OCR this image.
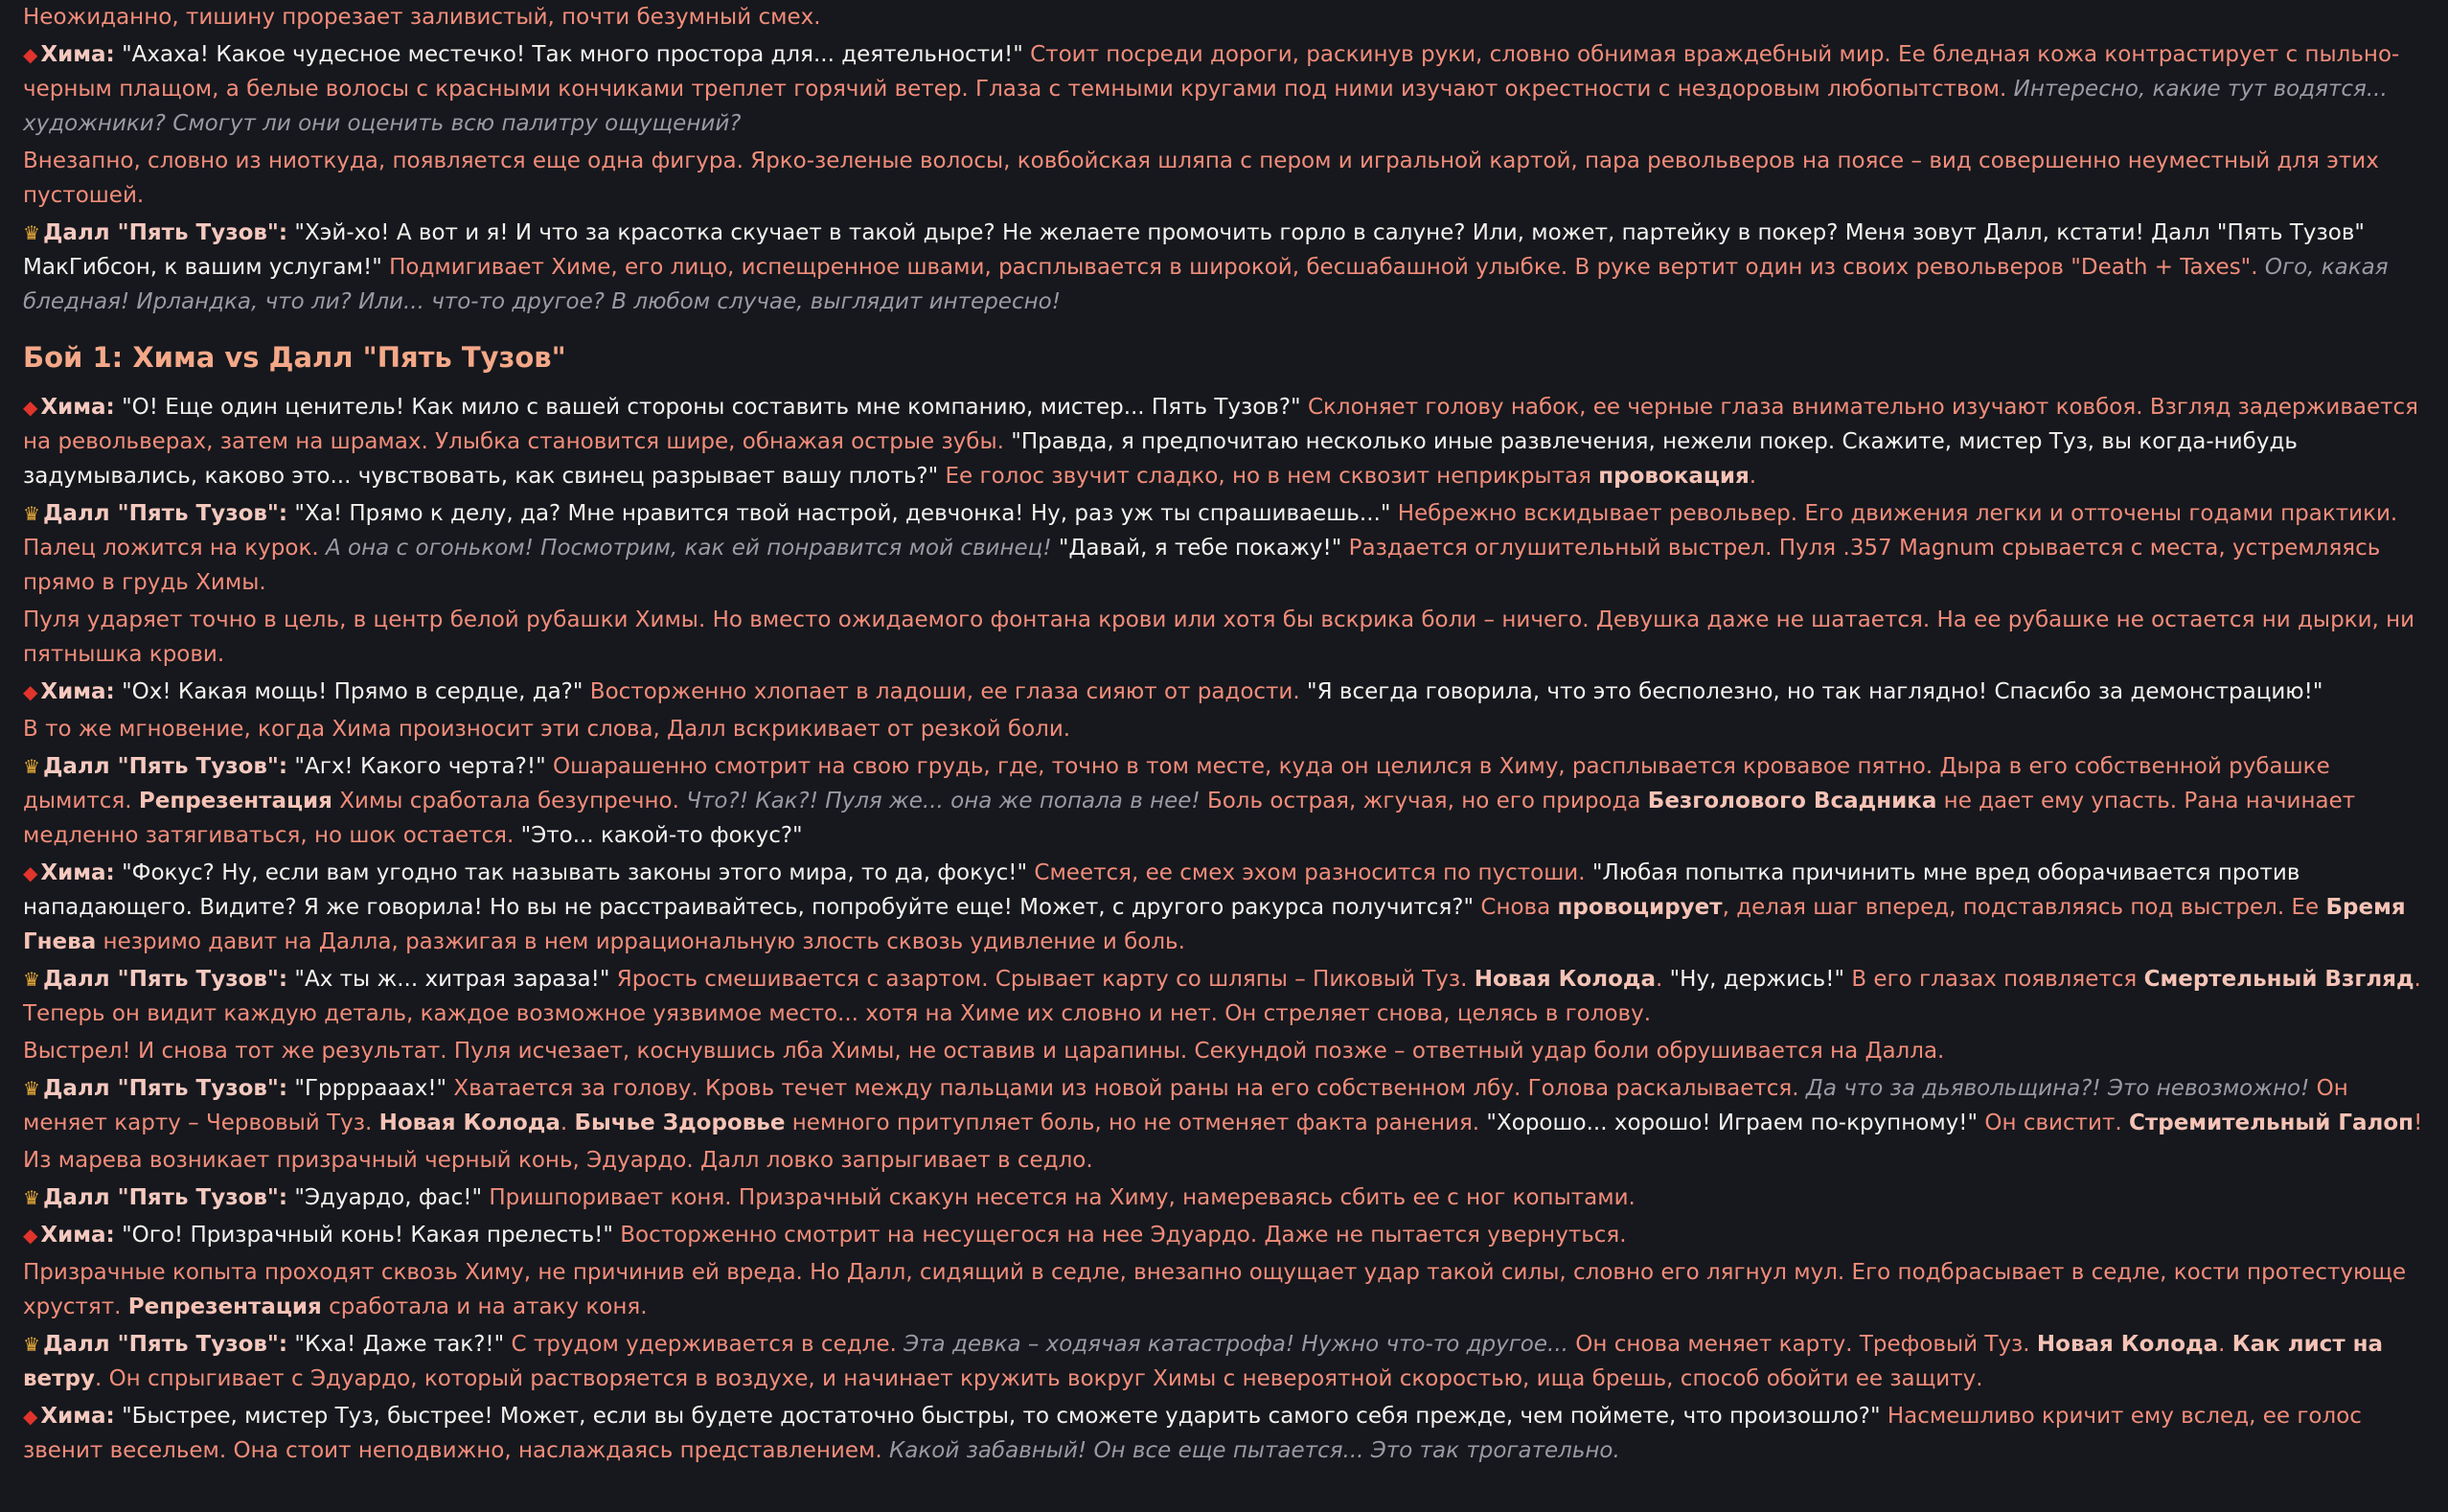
Неожиданно, тишину прорезает заливистый, почти безумный смех.
◆ Хима: "Ахаха! Какое чудесное местечко! Так много простора для... деятельности!" Стоит посреди дороги, раскинув руки, словно обнимая враждебный мир. Ее бледная кожа контрастирует с пыльно-черным плащом, а белые волосы с красными кончиками треплет горячий ветер. Глаза с темными кругами под ними изучают окрестности с нездоровым любопытством. Интересно, какие тут водятся... художники? Смогут ли они оценить всю палитру ощущений?
Внезапно, словно из ниоткуда, появляется еще одна фигура. Ярко-зеленые волосы, ковбойская шляпа с пером и игральной картой, пара револьверов на поясе – вид совершенно неуместный для этих пустошей.
♛ Далл "Пять Тузов": "Хэй-хо! А вот и я! И что за красотка скучает в такой дыре? Не желаете промочить горло в салуне? Или, может, партейку в покер? Меня зовут Далл, кстати! Далл "Пять Тузов" МакГибсон, к вашим услугам!" Подмигивает Химе, его лицо, испещренное швами, расплывается в широкой, бесшабашной улыбке. В руке вертит один из своих револьверов "Death + Taxes". Ого, какая бледная! Ирландка, что ли? Или... что-то другое? В любом случае, выглядит интересно!
Бой 1: Хима vs Далл "Пять Тузов"
◆ Хима: "О! Еще один ценитель! Как мило с вашей стороны составить мне компанию, мистер... Пять Тузов?" Склоняет голову набок, ее черные глаза внимательно изучают ковбоя. Взгляд задерживается на револьверах, затем на шрамах. Улыбка становится шире, обнажая острые зубы. "Правда, я предпочитаю несколько иные развлечения, нежели покер. Скажите, мистер Туз, вы когда-нибудь задумывались, каково это... чувствовать, как свинец разрывает вашу плоть?" Ее голос звучит сладко, но в нем сквозит неприкрытая провокация.
♛ Далл "Пять Тузов": "Ха! Прямо к делу, да? Мне нравится твой настрой, девчонка! Ну, раз уж ты спрашиваешь..." Небрежно вскидывает револьвер. Его движения легки и отточены годами практики. Палец ложится на курок. А она с огоньком! Посмотрим, как ей понравится мой свинец! "Давай, я тебе покажу!" Раздается оглушительный выстрел. Пуля .357 Magnum срывается с места, устремляясь прямо в грудь Химы.
Пуля ударяет точно в цель, в центр белой рубашки Химы. Но вместо ожидаемого фонтана крови или хотя бы вскрика боли – ничего. Девушка даже не шатается. На ее рубашке не остается ни дырки, ни пятнышка крови.
◆ Хима: "Ох! Какая мощь! Прямо в сердце, да?" Восторженно хлопает в ладоши, ее глаза сияют от радости. "Я всегда говорила, что это бесполезно, но так наглядно! Спасибо за демонстрацию!"
В то же мгновение, когда Хима произносит эти слова, Далл вскрикивает от резкой боли.
♛ Далл "Пять Тузов": "Агх! Какого черта?!" Ошарашенно смотрит на свою грудь, где, точно в том месте, куда он целился в Химу, расплывается кровавое пятно. Дыра в его собственной рубашке дымится. Репрезентация Химы сработала безупречно. Что?! Как?! Пуля же... она же попала в нее! Боль острая, жгучая, но его природа Безголового Всадника не дает ему упасть. Рана начинает медленно затягиваться, но шок остается. "Это... какой-то фокус?"
◆ Хима: "Фокус? Ну, если вам угодно так называть законы этого мира, то да, фокус!" Смеется, ее смех эхом разносится по пустоши. "Любая попытка причинить мне вред оборачивается против нападающего. Видите? Я же говорила! Но вы не расстраивайтесь, попробуйте еще! Может, с другого ракурса получится?" Снова провоцирует, делая шаг вперед, подставляясь под выстрел. Ее Бремя Гнева незримо давит на Далла, разжигая в нем иррациональную злость сквозь удивление и боль.
♛ Далл "Пять Тузов": "Ах ты ж... хитрая зараза!" Ярость смешивается с азартом. Срывает карту со шляпы – Пиковый Туз. Новая Колода. "Ну, держись!" В его глазах появляется Смертельный Взгляд. Теперь он видит каждую деталь, каждое возможное уязвимое место... хотя на Химе их словно и нет. Он стреляет снова, целясь в голову.
Выстрел! И снова тот же результат. Пуля исчезает, коснувшись лба Химы, не оставив и царапины. Секундой позже – ответный удар боли обрушивается на Далла.
♛ Далл "Пять Тузов": "Гррррааах!" Хватается за голову. Кровь течет между пальцами из новой раны на его собственном лбу. Голова раскалывается. Да что за дьявольщина?! Это невозможно! Он меняет карту – Червовый Туз. Новая Колода. Бычье Здоровье немного притупляет боль, но не отменяет факта ранения. "Хорошо... хорошо! Играем по-крупному!" Он свистит. Стремительный Галоп!
Из марева возникает призрачный черный конь, Эдуардо. Далл ловко запрыгивает в седло.
♛ Далл "Пять Тузов": "Эдуардо, фас!" Пришпоривает коня. Призрачный скакун несется на Химу, намереваясь сбить ее с ног копытами.
◆ Хима: "Ого! Призрачный конь! Какая прелесть!" Восторженно смотрит на несущегося на нее Эдуардо. Даже не пытается увернуться.
Призрачные копыта проходят сквозь Химу, не причинив ей вреда. Но Далл, сидящий в седле, внезапно ощущает удар такой силы, словно его лягнул мул. Его подбрасывает в седле, кости протестующе хрустят. Репрезентация сработала и на атаку коня.
♛ Далл "Пять Тузов": "Кха! Даже так?!" С трудом удерживается в седле. Эта девка – ходячая катастрофа! Нужно что-то другое... Он снова меняет карту. Трефовый Туз. Новая Колода. Как лист на ветру. Он спрыгивает с Эдуардо, который растворяется в воздухе, и начинает кружить вокруг Химы с невероятной скоростью, ища брешь, способ обойти ее защиту.
◆ Хима: "Быстрее, мистер Туз, быстрее! Может, если вы будете достаточно быстры, то сможете ударить самого себя прежде, чем поймете, что произошло?" Насмешливо кричит ему вслед, ее голос звенит весельем. Она стоит неподвижно, наслаждаясь представлением. Какой забавный! Он все еще пытается... Это так трогательно.
